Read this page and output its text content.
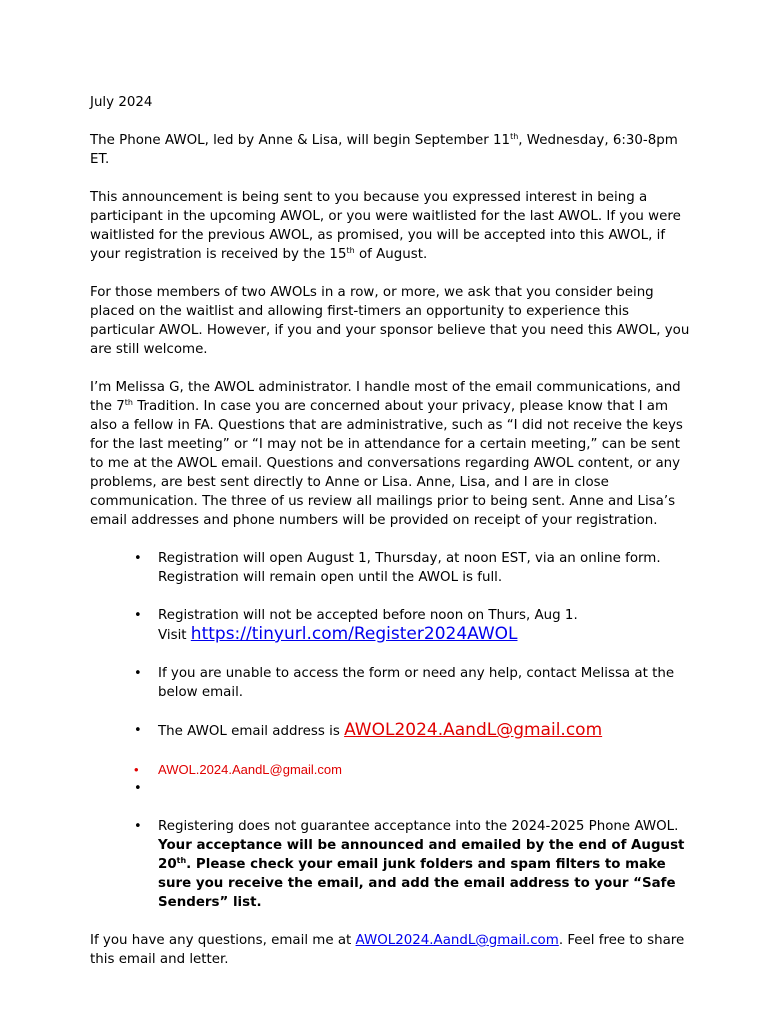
July 2024

The Phone AWOL, led by Anne & Lisa, will begin September 11th, Wednesday, 6:30-8pm ET.

This announcement is being sent to you because you expressed interest in being a participant in the upcoming AWOL, or you were waitlisted for the last AWOL. If you were waitlisted for the previous AWOL, as promised, you will be accepted into this AWOL, if your registration is received by the 15th of August.

For those members of two AWOLs in a row, or more, we ask that you consider being placed on the waitlist and allowing first-timers an opportunity to experience this particular AWOL. However, if you and your sponsor believe that you need this AWOL, you are still welcome.

I’m Melissa G, the AWOL administrator. I handle most of the email communications, and the 7th Tradition. In case you are concerned about your privacy, please know that I am also a fellow in FA. Questions that are administrative, such as “I did not receive the keys for the last meeting” or “I may not be in attendance for a certain meeting,” can be sent to me at the AWOL email. Questions and conversations regarding AWOL content, or any problems, are best sent directly to Anne or Lisa. Anne, Lisa, and I are in close communication. The three of us review all mailings prior to being sent. Anne and Lisa’s email addresses and phone numbers will be provided on receipt of your registration.

• Registration will open August 1, Thursday, at noon EST, via an online form. Registration will remain open until the AWOL is full.
• Registration will not be accepted before noon on Thurs, Aug 1.
Visit https://tinyurl.com/Register2024AWOL
• If you are unable to access the form or need any help, contact Melissa at the below email.
• The AWOL email address is AWOL2024.AandL@gmail.com
• AWOL.2024.AandL@gmail.com
•

• Registering does not guarantee acceptance into the 2024-2025 Phone AWOL. Your acceptance will be announced and emailed by the end of August 20th. Please check your email junk folders and spam filters to make sure you receive the email, and add the email address to your “Safe Senders” list.

If you have any questions, email me at AWOL2024.AandL@gmail.com. Feel free to share this email and letter.
